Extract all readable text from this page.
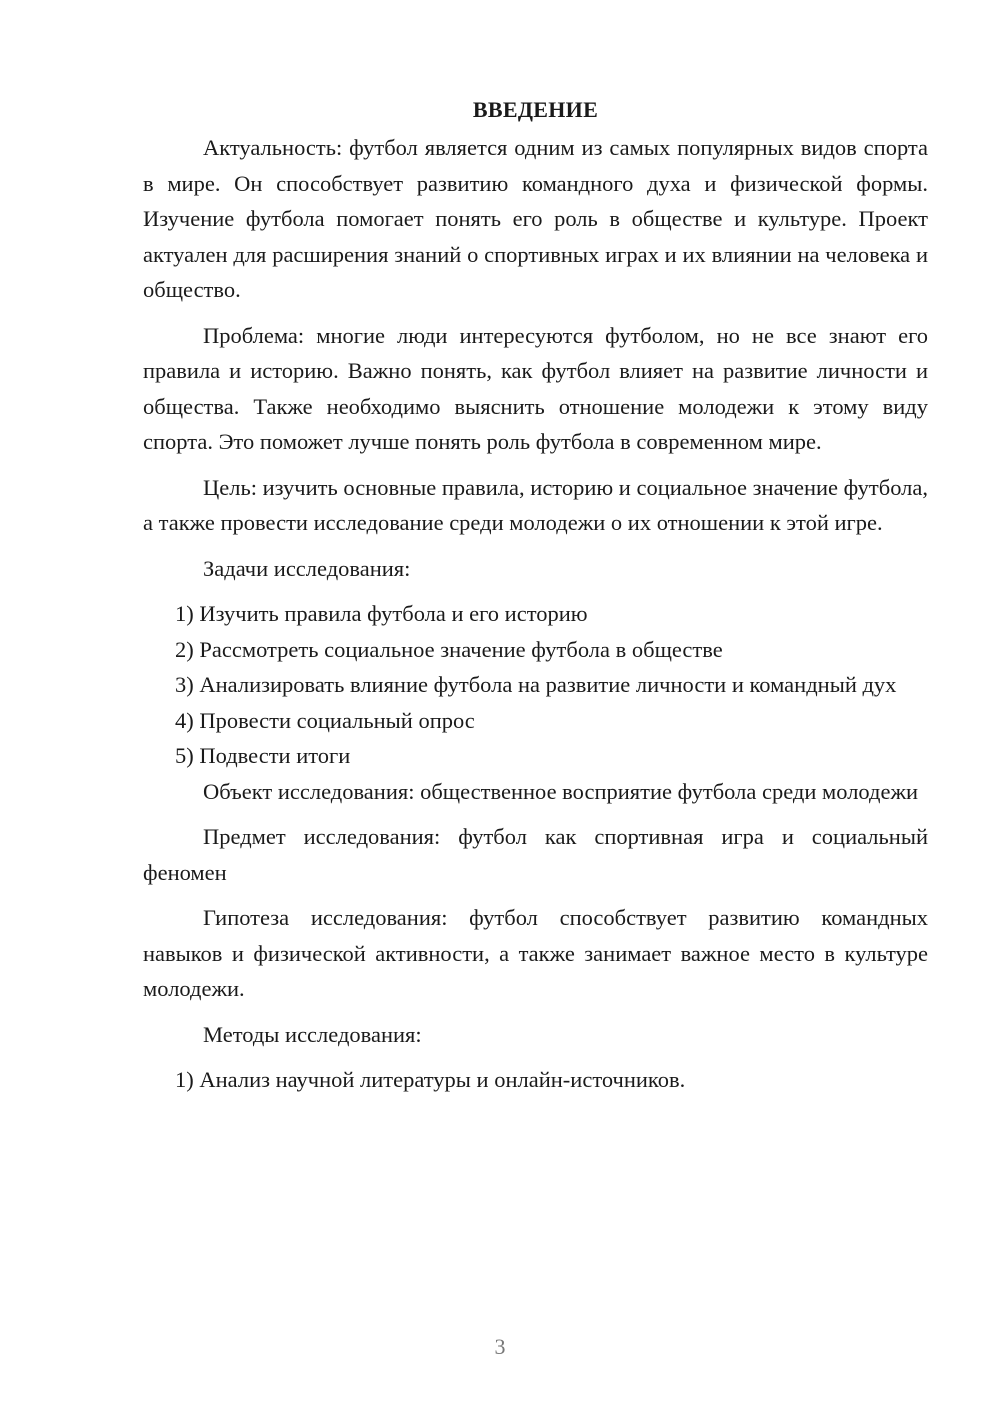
ВВЕДЕНИЕ

Актуальность: футбол является одним из самых популярных видов спорта в мире. Он способствует развитию командного духа и физической формы. Изучение футбола помогает понять его роль в обществе и культуре. Проект актуален для расширения знаний о спортивных играх и их влиянии на человека и общество.

Проблема: многие люди интересуются футболом, но не все знают его правила и историю. Важно понять, как футбол влияет на развитие личности и общества. Также необходимо выяснить отношение молодежи к этому виду спорта. Это поможет лучше понять роль футбола в современном мире.

Цель: изучить основные правила, историю и социальное значение футбола, а также провести исследование среди молодежи о их отношении к этой игре.

Задачи исследования:

1) Изучить правила футбола и его историю

2) Рассмотреть социальное значение футбола в обществе

3) Анализировать влияние футбола на развитие личности и командный дух

4) Провести социальный опрос

5) Подвести итоги

Объект исследования: общественное восприятие футбола среди молодежи

Предмет исследования: футбол как спортивная игра и социальный феномен

Гипотеза исследования: футбол способствует развитию командных навыков и физической активности, а также занимает важное место в культуре молодежи.

Методы исследования:

1) Анализ научной литературы и онлайн-источников.

3
